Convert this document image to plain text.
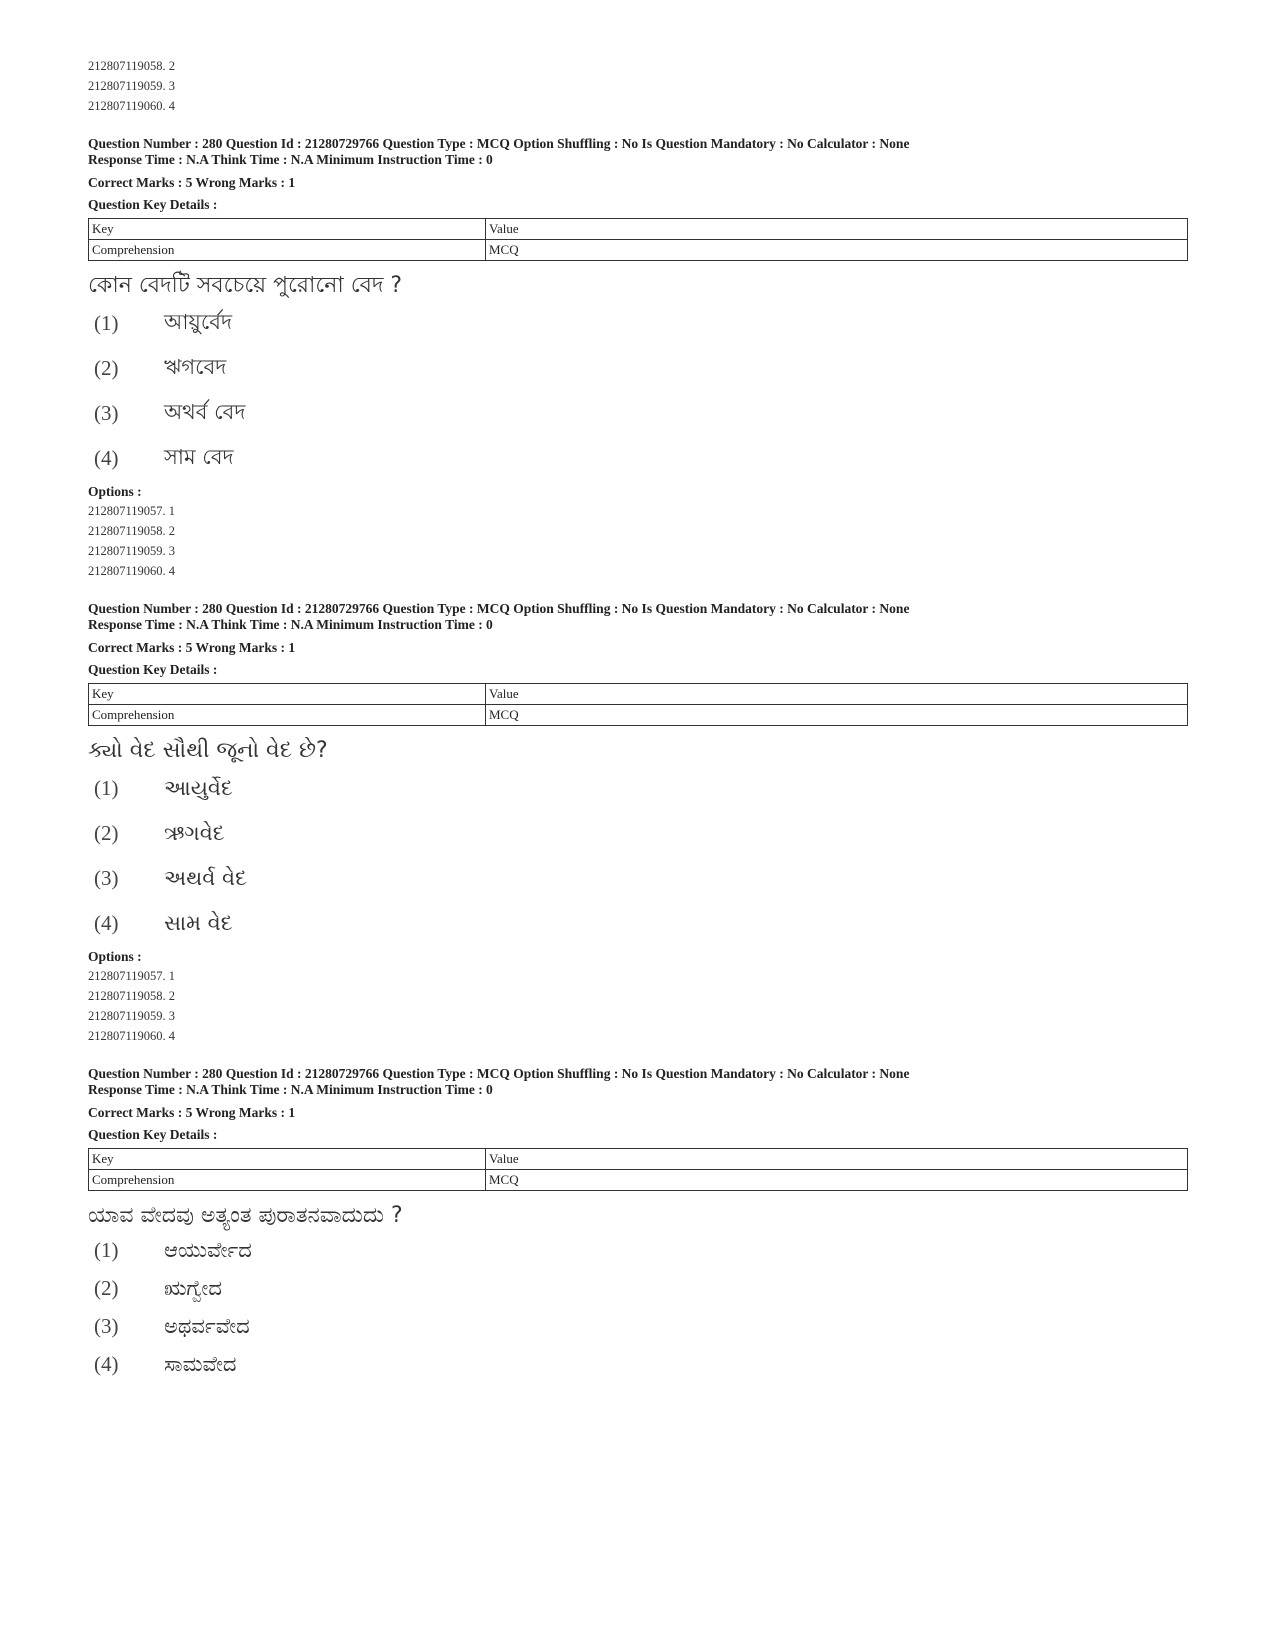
212807119058. 2
212807119059. 3
212807119060. 4
Question Number : 280 Question Id : 21280729766 Question Type : MCQ Option Shuffling : No Is Question Mandatory : No Calculator : None
Response Time : N.A Think Time : N.A Minimum Instruction Time : 0
Correct Marks : 5 Wrong Marks : 1
Question Key Details :
Key	Value
Comprehension	MCQ
কোন বেদটি সবচেয়ে পুরোনো বেদ ?
(1)	আয়ুর্বেদ
(2)	ঋগবেদ
(3)	অথর্ব বেদ
(4)	সাম বেদ
Options :
212807119057. 1
212807119058. 2
212807119059. 3
212807119060. 4
Question Number : 280 Question Id : 21280729766 Question Type : MCQ Option Shuffling : No Is Question Mandatory : No Calculator : None
Response Time : N.A Think Time : N.A Minimum Instruction Time : 0
Correct Marks : 5 Wrong Marks : 1
Question Key Details :
Key	Value
Comprehension	MCQ
ક્યો વેદ સૌથી જૂનો વેદ છે?
(1)	આયુર્વેદ
(2)	ઋગવેદ
(3)	અથર્વ વેદ
(4)	સામ વેદ
Options :
212807119057. 1
212807119058. 2
212807119059. 3
212807119060. 4
Question Number : 280 Question Id : 21280729766 Question Type : MCQ Option Shuffling : No Is Question Mandatory : No Calculator : None
Response Time : N.A Think Time : N.A Minimum Instruction Time : 0
Correct Marks : 5 Wrong Marks : 1
Question Key Details :
Key	Value
Comprehension	MCQ
ಯಾವ ವೇದವು ಅತ್ಯಂತ ಪುರಾತನವಾದುದು ?
(1)	ಆಯುರ್ವೇದ
(2)	ಋಗ್ವೇದ
(3)	ಅಥರ್ವವೇದ
(4)	ಸಾಮವೇದ
